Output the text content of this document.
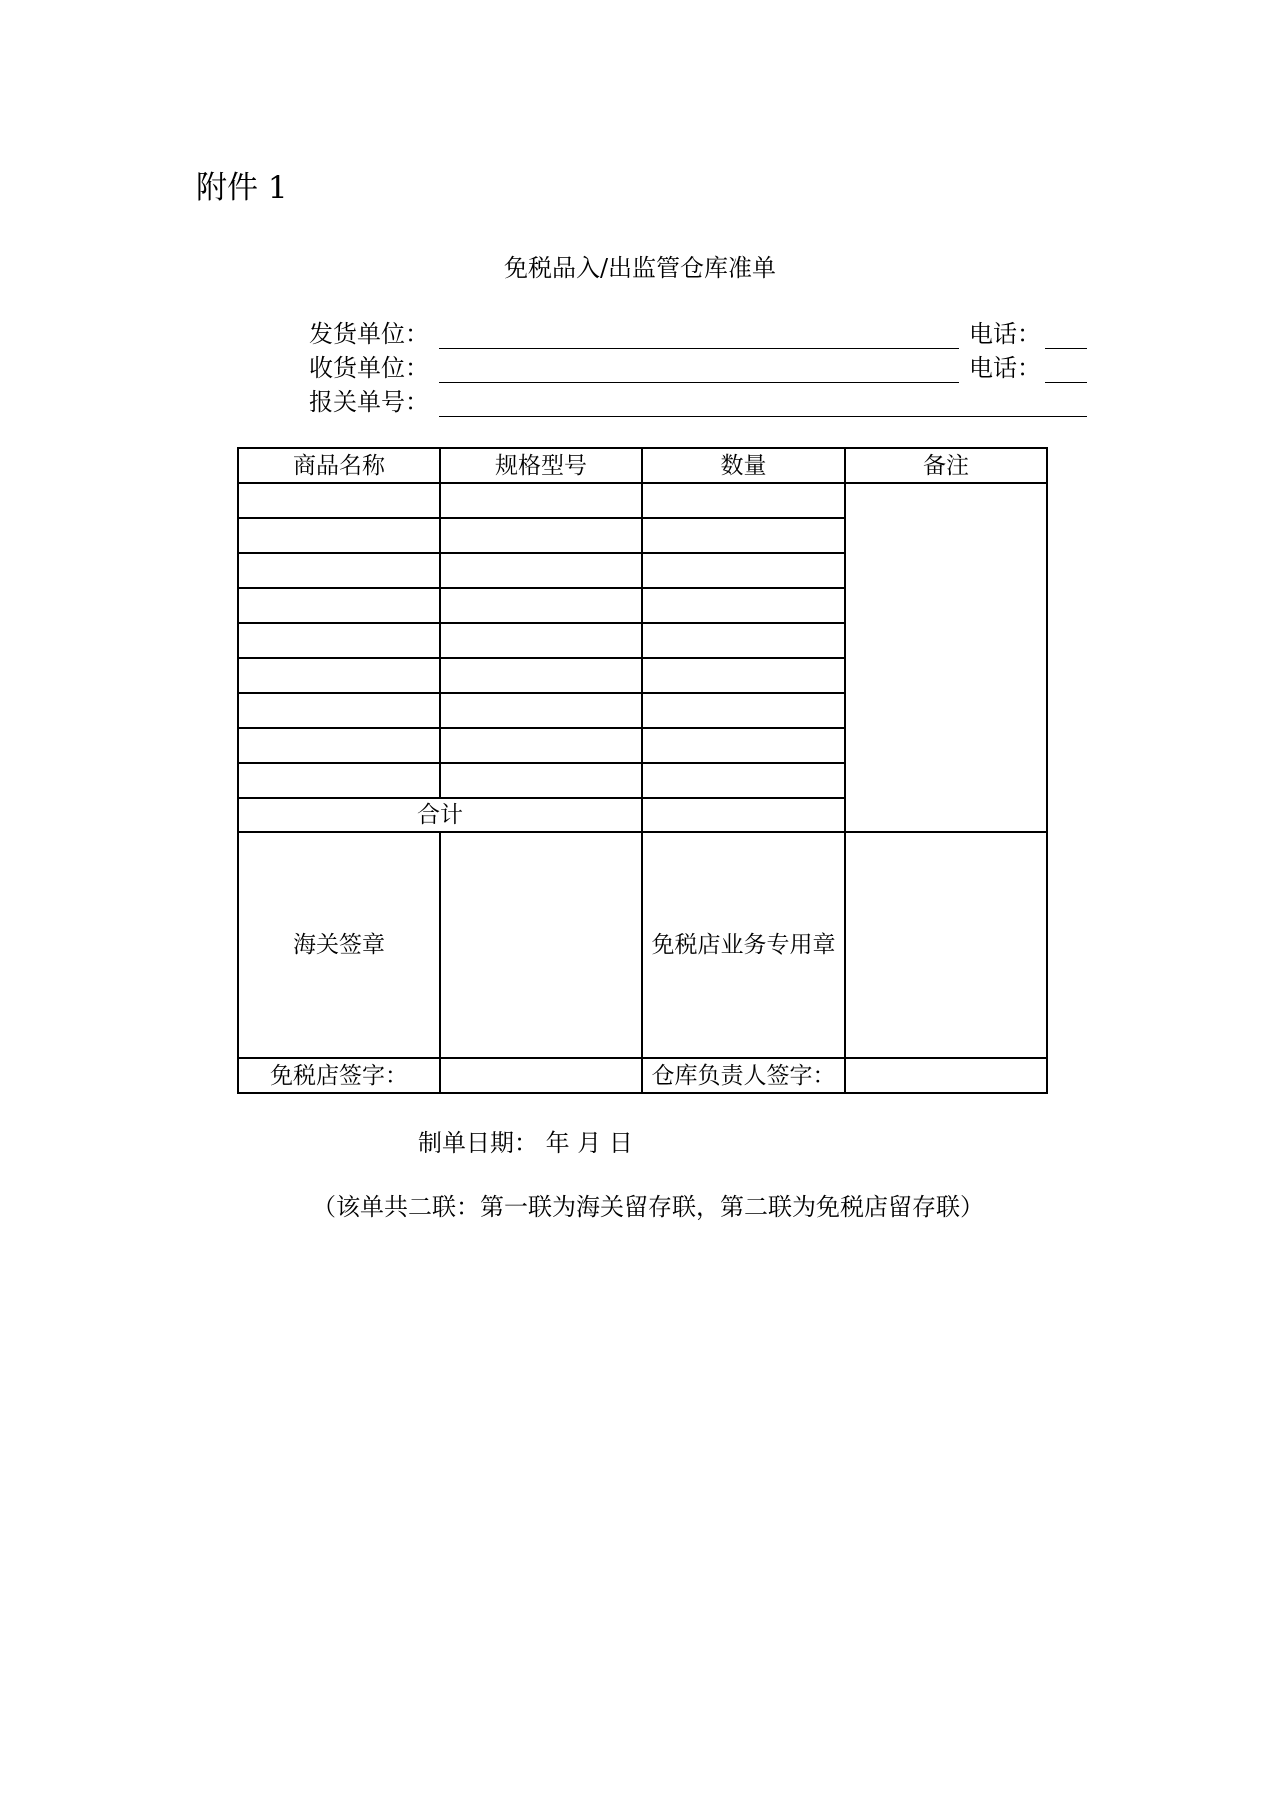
附件 1
免税品入/出监管仓库准单
发货单位：	电话：
收货单位：	电话：
报关单号：
商品名称	规格型号	数量	备注

合计			
海关签章		免税店业务专用章	
免税店签字：		仓库负责人签字：	
制单日期： 年 月 日
（该单共二联：第一联为海关留存联，第二联为免税店留存联）
